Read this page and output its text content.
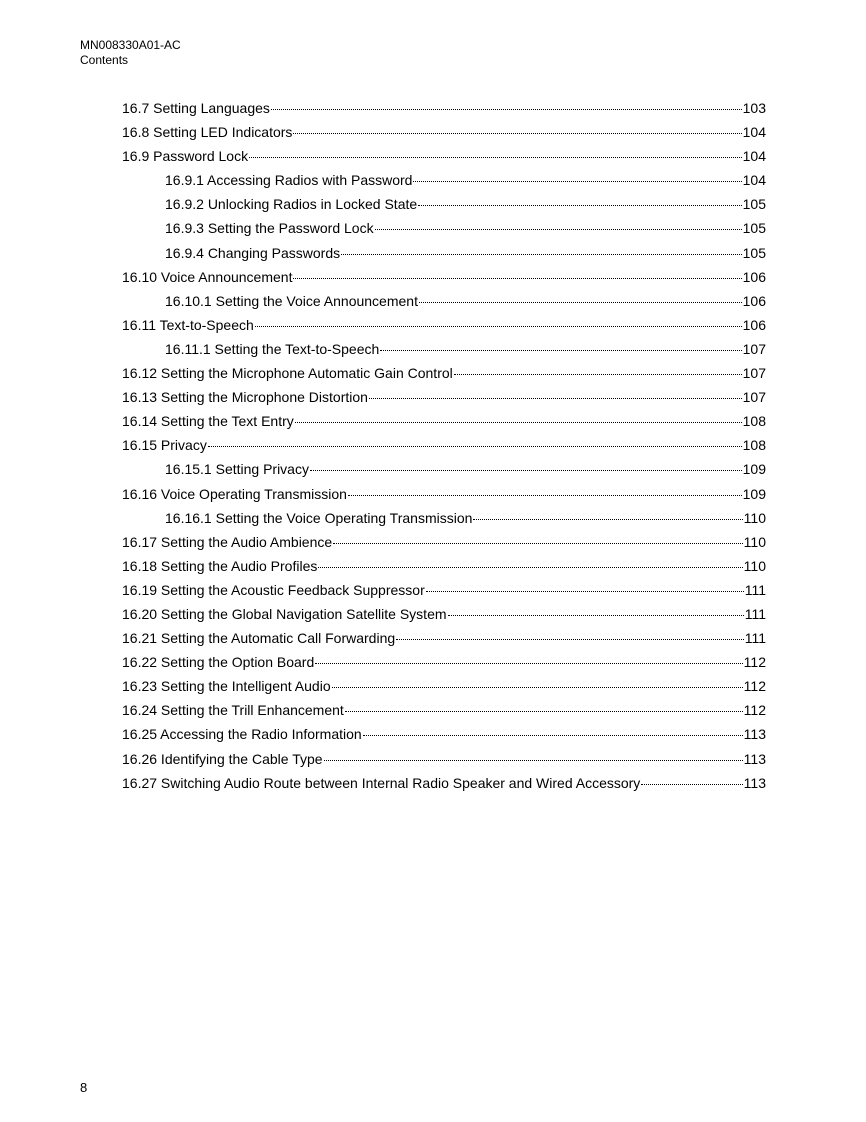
MN008330A01-AC
Contents
16.7 Setting Languages	103
16.8 Setting LED Indicators	104
16.9 Password Lock	104
16.9.1 Accessing Radios with Password	104
16.9.2 Unlocking Radios in Locked State	105
16.9.3 Setting the Password Lock	105
16.9.4 Changing Passwords	105
16.10 Voice Announcement	106
16.10.1 Setting the Voice Announcement	106
16.11 Text-to-Speech	106
16.11.1 Setting the Text-to-Speech	107
16.12 Setting the Microphone Automatic Gain Control	107
16.13 Setting the Microphone Distortion	107
16.14 Setting the Text Entry	108
16.15 Privacy	108
16.15.1 Setting Privacy	109
16.16 Voice Operating Transmission	109
16.16.1 Setting the Voice Operating Transmission	110
16.17 Setting the Audio Ambience	110
16.18 Setting the Audio Profiles	110
16.19 Setting the Acoustic Feedback Suppressor	111
16.20 Setting the Global Navigation Satellite System	111
16.21 Setting the Automatic Call Forwarding	111
16.22 Setting the Option Board	112
16.23 Setting the Intelligent Audio	112
16.24 Setting the Trill Enhancement	112
16.25 Accessing the Radio Information	113
16.26 Identifying the Cable Type	113
16.27 Switching Audio Route between Internal Radio Speaker and Wired Accessory	113
8
